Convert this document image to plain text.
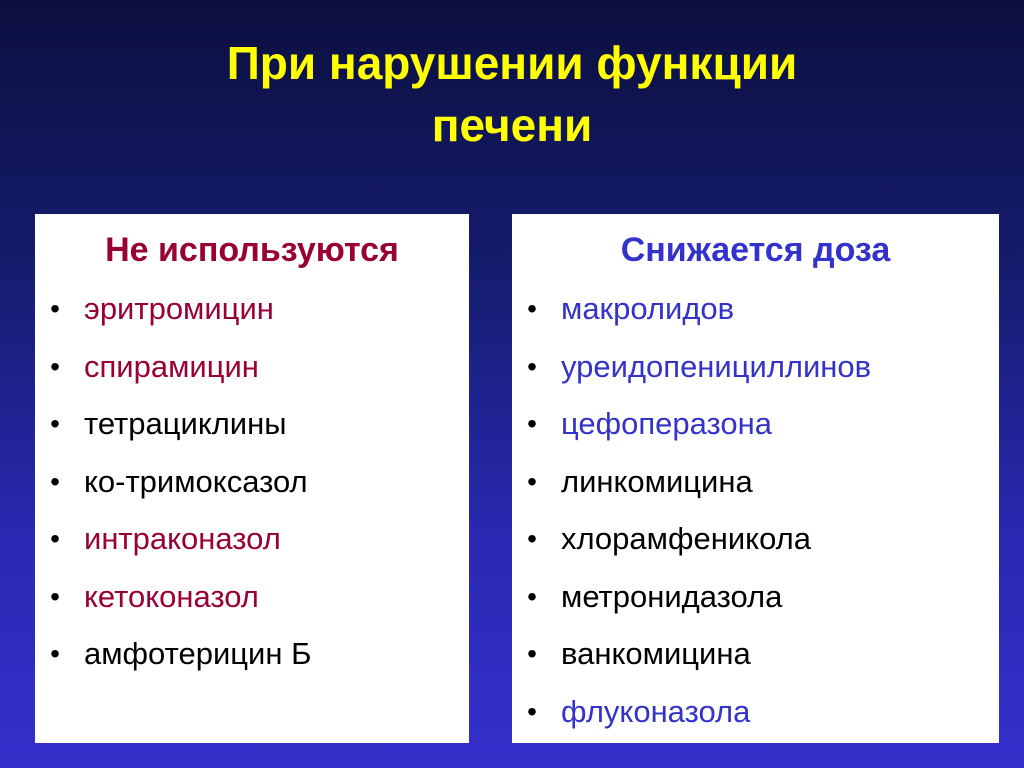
При нарушении функции
печени
Не используются
• эритромицин
• спирамицин
• тетрациклины
• ко-тримоксазол
• интраконазол
• кетоконазол
• амфотерицин Б
Снижается доза
• макролидов
• уреидопенициллинов
• цефоперазона
• линкомицина
• хлорамфеникола
• метронидазола
• ванкомицина
• флуконазола
